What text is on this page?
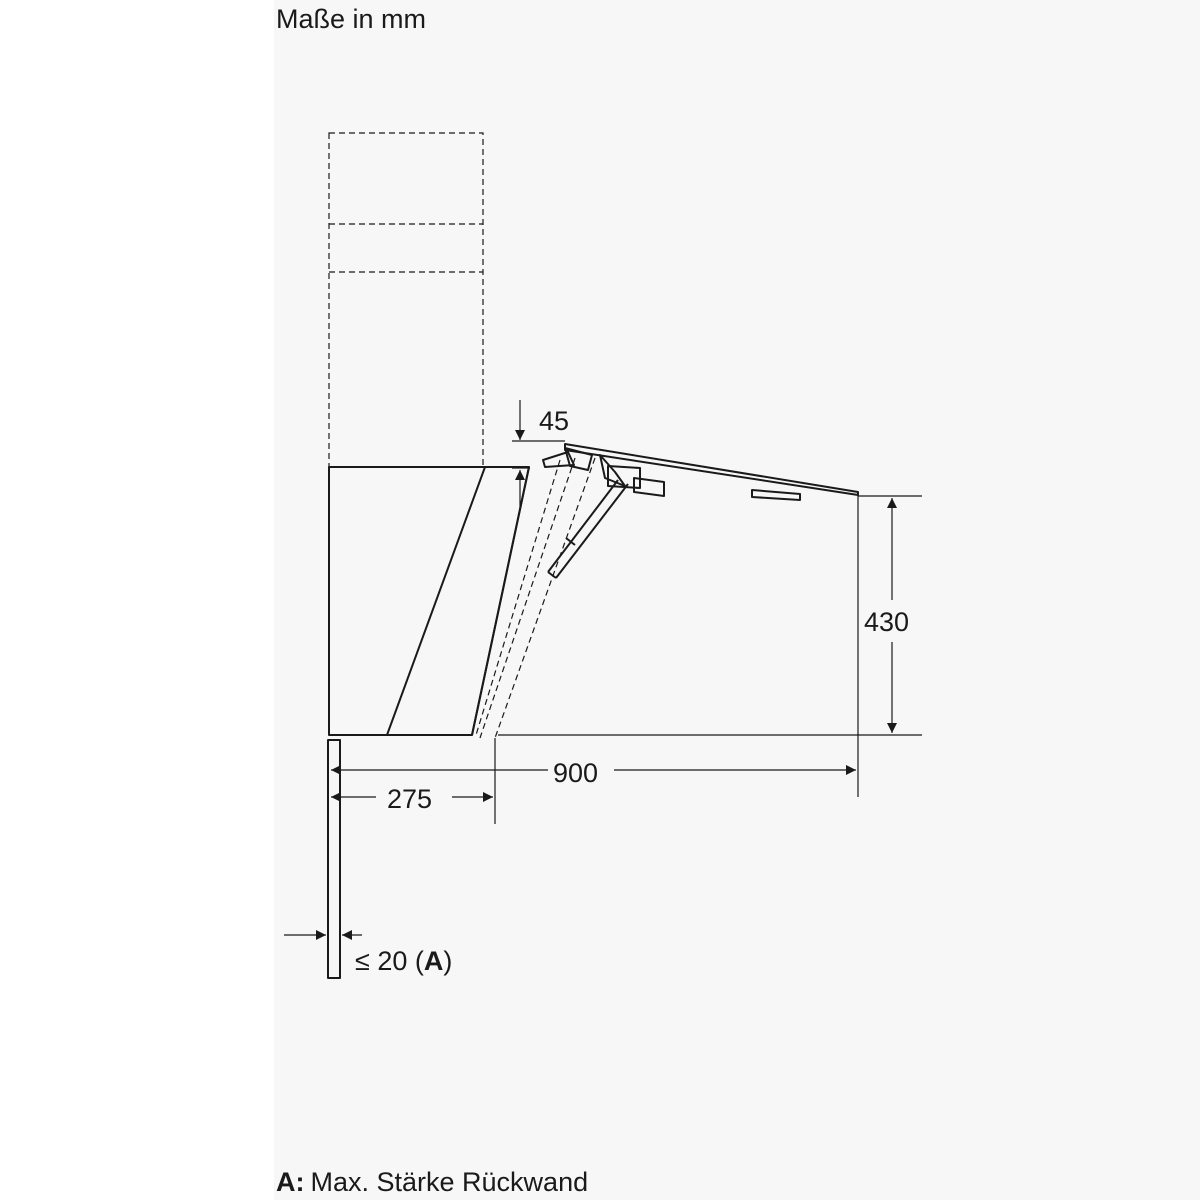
Maße in mm
45
430
900
275
≤ 20 (A)
A: Max. Stärke Rückwand
